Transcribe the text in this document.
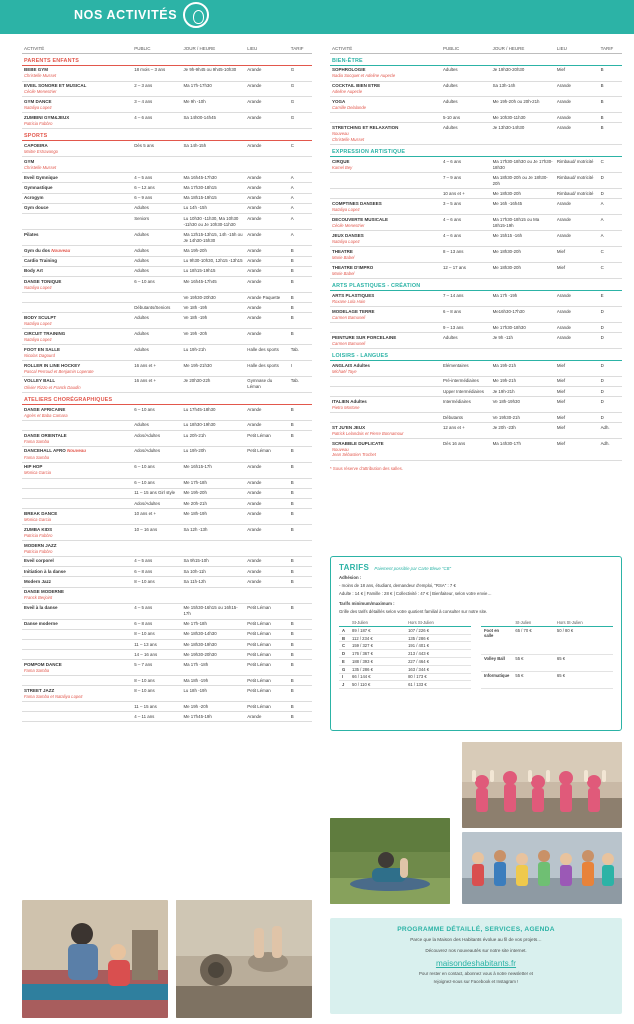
NOS ACTIVITÉS
ACTIVITÉ	PUBLIC	JOUR / HEURE	LIEU	TARIF
PARENTS ENFANTS				
BEBE GYM
Christelle Musset	18 mois – 3 ans	Je 9h-9h45 ou 9h45-10h30	Arande	G
EVEIL SONORE ET MUSICAL
Cécile Menestrier	2 – 3 ans	Ma 17h-17h30	Arande	G
GYM DANCE
Nataliya Lopez	3 – 4 ans	Me 9h -10h	Arande	G
ZUMBINI GYM&JEUX
Patricia Fabbro	4 – 6 ans	Sa 14h00-14h45	Arande	G
SPORTS				
CAPOEIRA
Maitre Estravango	Dès 5 ans	Sa 14h-15h	Arande	C
GYM
Christelle Musset				

Eveil Gymnique	4 – 5 ans	Ma 16h45-17h30	Arande	A
Gymnastique	6 – 12 ans	Ma 17h30-18h15	Arande	A
Acrogym	6 – 9 ans	Ma 18h15-19h15	Arande	A
Gym douce	Adultes	Lu 14h -15h	Arande	A
	Seniors	Lu 10h30 -11h30, Ma 10h30 -11h30 ou Je 10h30-11h30	Arande	A
Pilates	Adultes	Ma 12h15-13h15, 14h -15h ou Je 14h30-15h30	Arande	A
Gym du dos Nouveau	Adultes	Ma 19h-20h	Arande	B
Cardio Training	Adultes	Lu 9h30-10h30, 12h15 -13h15	Arande	B
Body Art	Adultes	Lu 18h15-19h15	Arande	B
DANSE TONIQUE
Nataliya Lopez	6 – 10 ans	Me 16h45-17h45	Arande	B
		Ve 19h30-20h30	Arande Paquette	B
	Débutants/Seniors	Ve 18h -19h	Arande	B
BODY SCULPT
Nataliya Lopez	Adultes	Ve 18h -19h	Arande	B
CIRCUIT TRAINING
Nataliya Lopez	Adultes	Ve 19h -20h	Arande	B
FOOT EN SALLE
Nicolas Dagourd	Adultes	Lu 19h-21h	Halle des sports	Tab.
ROLLER IN LINE HOCKEY
Pascal Perroud et Benjamin Loperate	16 ans et +	Me 19h-21h30	Halle des sports	I
VOLLEY BALL
Olivier Rizzo et Franck Daudin	16 ans et +	Je 20h30-22h	Gymnase du Léman	Tab.
ATELIERS CHORÉGRAPHIQUES				
DANSE AFRICAINE
Agnès et Baba Camara	6 – 10 ans	Lu 17h45-18h30	Arande	B
	Adultes	Lu 18h30-19h30	Arande	B
DANSE ORIENTALE
Fama Samba	Ados/Adultes	Lu 20h-21h	Petit Léman	B
DANCEHALL AFRO Nouveau
Fama Samba	Ados/Adultes	Lu 19h-20h	Petit Léman	B
HIP HOP
Monica Garcia	6 – 10 ans	Me 16h15-17h	Arande	B
	6 – 10 ans	Me 17h-18h	Arande	B
	11 – 15 ans Girl style	Me 19h-20h	Arande	B
	Ados/Adultes	Me 20h-21h	Arande	B
BREAK DANCE
Monica Garcia	10 ans et +	Me 18h-19h	Arande	B
ZUMBA KIDS
Patricia Fabbro	10 – 16 ans	Sa 12h -13h	Arande	B
MODERN JAZZ
Patricia Fabbro				

Eveil corporel	4 – 5 ans	Sa 9h15-10h	Arande	B
Initiation à la danse	6 – 8 ans	Sa 10h-11h	Arande	B
Modern Jazz	8 – 10 ans	Sa 11h-12h	Arande	B
DANSE MODERNE
Franck Berjoint				

Eveil à la danse	4 – 5 ans	Me 15h30-16h15 ou 16h15-17h	Petit Léman	B
Danse moderne	6 – 8 ans	Me 17h-18h	Petit Léman	B
	8 – 10 ans	Me 18h30-14h30	Petit Léman	B
	11 – 13 ans	Me 18h30-19h30	Petit Léman	B
	14 – 16 ans	Me 19h30-20h30	Petit Léman	B
POMPOM DANCE
Fama Samba	5 – 7 ans	Ma 17h -18h	Petit Léman	B
	8 – 10 ans	Ma 18h -19h	Petit Léman	B
STREET JAZZ
Fama Samba et Nataliya Lopez	8 – 10 ans	Lu 18h -19h	Petit Léman	B
	11 – 15 ans	Me 19h -20h	Petit Léman	B
	4 – 11 ans	Me 17h45-19h	Arande	B
ACTIVITÉ	PUBLIC	JOUR / HEURE	LIEU	TARIF
BIEN-ÊTRE				
SOPHROLOGIE
Nadia Socquet et Adeline Aupecle	Adultes	Je 19h30-20h30	Mief	B
COCKTAIL BIEN ETRE
Adeline Aupecle	Adultes	Sa 13h-14h	Arande	B
YOGA
Camille Delalande	Adultes	Me 19h-20h ou 20h-21h	Arande	B
	5-10 ans	Me 10h30-11h30	Arande	B
STRETCHING ET RELAXATION
Nouveau
Christelle Musset	Adultes	Je 13h30-14h30	Arande	B
EXPRESSION ARTISTIQUE				
CIRQUE
Kamel Bey	4 – 6 ans	Ma 17h30-18h30 ou Je 17h30-18h30	Rimbaud/ motricité	C
	7 – 9 ans	Ma 18h30-20h ou Je 18h30-20h	Rimbaud/ motricité	D
	10 ans et +	Me 18h30-20h	Rimbaud/ motricité	D
COMPTINES DANSEES
Nataliya Lopez	3 – 5 ans	Me 16h -16h45	Arande	A
DECOUVERTE MUSICALE
Cécile Menestrier	4 – 6 ans	Ma 17h30-18h15 ou Ma 18h15-19h	Arande	A
JEUX DANSES
Nataliya Lopez	4 – 6 ans	Me 15h15 -16h	Arande	A
THEATRE
Marie Babel	8 – 13 ans	Me 18h30-20h	Mief	C
THEATRE D'IMPRO
Marie Babel	12 – 17 ans	Me 18h30-20h	Mief	C
ARTS PLASTIQUES - CRÉATION				
ARTS PLASTIQUES
Roxane Lola Hain	7 – 14 ans	Ma 17h -19h	Arande	E
MODELAGE TERRE
Carmen Bamuseli	6 – 8 ans	Me16h30-17h30	Arande	D
	9 – 13 ans	Me 17h30-18h30	Arande	D
PEINTURE SUR PORCELAINE
Carmen Bamuseli	Adultes	Je 9h -11h	Arande	D
LOISIRS - LANGUES				
ANGLAIS Adultes
Michaël Taye	Elémentaires	Ma 19h-21h	Mief	D
	Pré-intermédiaires	Me 19h-21h	Mief	D
	Upper Intermédiaires	Je 19h-21h	Mief	D
ITALIEN Adultes
Pietro Mortone	Intermédiaires	Ve 18h-19h30	Mief	D
	Débutants	Ve 19h30-21h	Mief	D
ST JU'EN JEUX
Patrick Lelandais et Pierre Bonnamour	12 ans et +	Je 20h -23h	Mief	Adh.
SCRABBLE DUPLICATE
Nouveau
Jean Sébastien Trochet	Dès 16 ans	Ma 14h30-17h	Mief	Adh.
* Sous réserve d'attribution des salles.
TARIFS Paiement possible par Carte Bleue "CB"

Adhésion :

- moins de 18 ans, étudiant, demandeur d'emploi, "RSA" : 7 €

Adulte : 14 € | Famille : 28 € | Collectivité : 47 € | Bienfaiteur, selon votre envie…

Tarifs minimum/maximum :

Grille des tarifs détaillés selon votre quotient familial à consulter sur notre site.

	St-Julien	Hors St-Julien
A	89 / 187 €	107 / 226 €
B	112 / 234 €	135 / 286 €
C	159 / 327 €	191 / 401 €
D	176 / 367 €	213 / 443 €
E	188 / 393 €	227 / 464 €
G	135 / 286 €	163 / 344 €
I	66 / 144 €	80 / 173 €
J	50 / 110 €	61 / 133 €
	St-Julien	Hors St-Julien
Foot en salle	65 / 70 €	50 / 80 €
Volley Ball	55 €	65 €
Informatique	55 €	65 €
PROGRAMME DÉTAILLÉ, SERVICES, AGENDA

Parce que la Maison des Habitants évolue au fil de vos projets…

Découvrez nos nouveautés sur notre site internet.

maisondeshabitants.fr
Pour rester en contact, abonnez vous à notre newsletter et
rejoignez-nous sur Facebook et Instagram !
